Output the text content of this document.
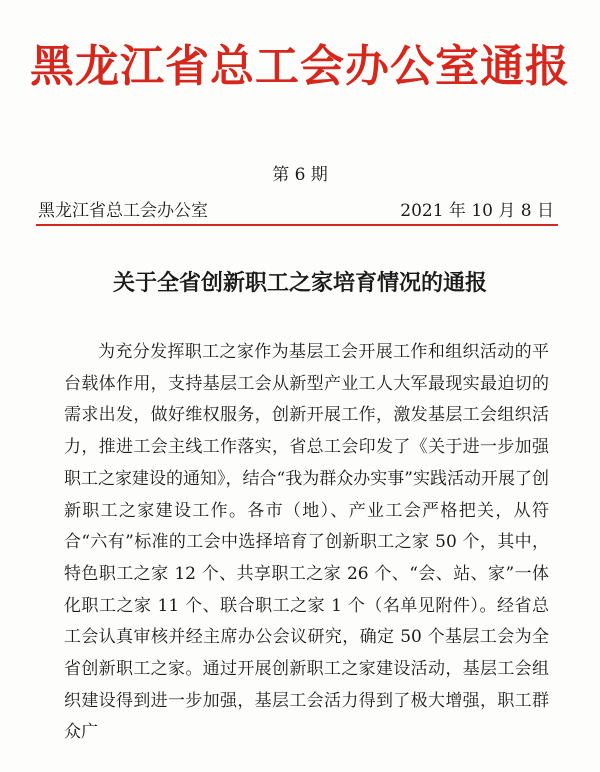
黑龙江省总工会办公室通报
第 6 期
黑龙江省总工会办公室	2021 年 10 月 8 日
关于全省创新职工之家培育情况的通报

为充分发挥职工之家作为基层工会开展工作和组织活动的平台载体作用，支持基层工会从新型产业工人大军最现实最迫切的需求出发，做好维权服务，创新开展工作，激发基层工会组织活力，推进工会主线工作落实，省总工会印发了《关于进一步加强职工之家建设的通知》，结合“我为群众办实事”实践活动开展了创新职工之家建设工作。各市（地）、产业工会严格把关，从符合“六有”标准的工会中选择培育了创新职工之家 50 个，其中，特色职工之家 12 个、共享职工之家 26 个、“会、站、家”一体化职工之家 11 个、联合职工之家 1 个（名单见附件）。经省总工会认真审核并经主席办公会议研究，确定 50 个基层工会为全省创新职工之家。通过开展创新职工之家建设活动，基层工会组织建设得到进一步加强，基层工会活力得到了极大增强，职工群众广
